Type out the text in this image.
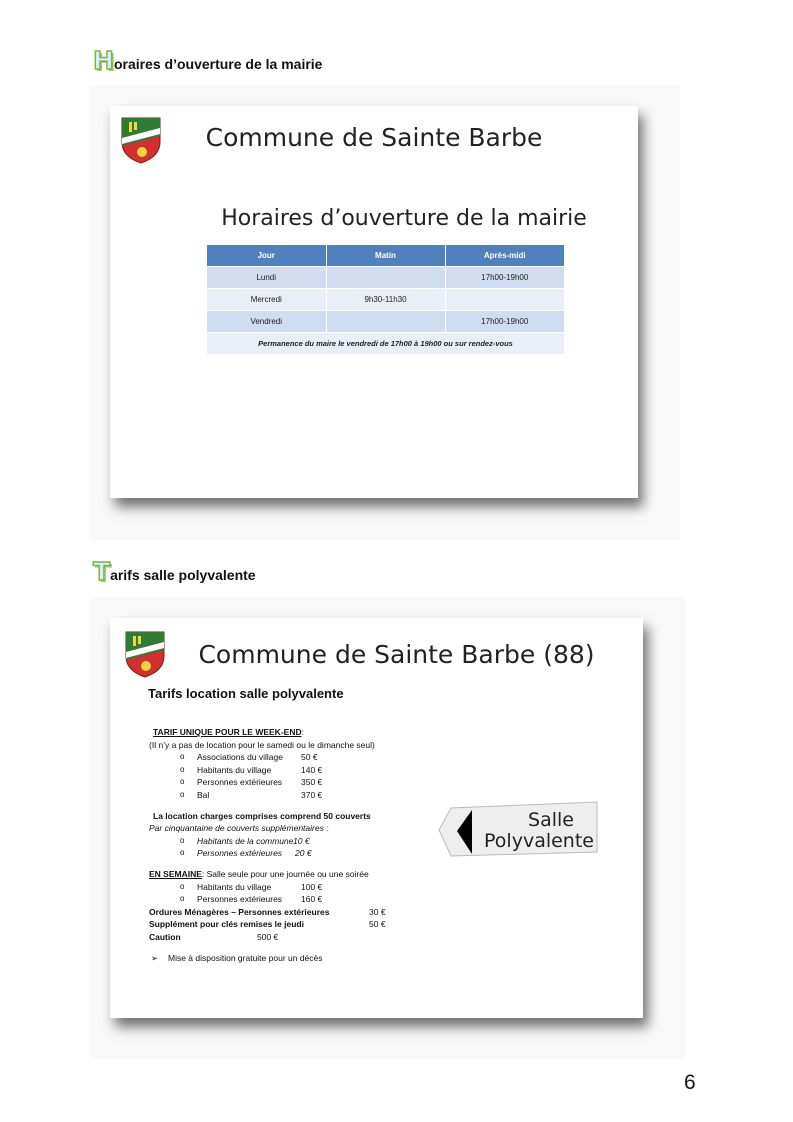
H oraires d’ouverture de la mairie
Commune de Sainte Barbe
Horaires d’ouverture de la mairie
Jour	Matin	Après-midi
Lundi		17h00-19h00
Mercredi	9h30-11h30	
Vendredi		17h00-19h00
Permanence du maire le vendredi de 17h00 à 19h00 ou sur rendez-vous		
T arifs salle polyvalente
Commune de Sainte Barbe (88)
Tarifs location salle polyvalente
TARIF UNIQUE POUR LE WEEK-END :
(Il n’y a pas de location pour le samedi ou le dimanche seul)
o	Associations du village	50 €
o	Habitants du village	140 €
o	Personnes extérieures	350 €
o	Bal	370 €
La location charges comprises comprend 50 couverts
Par cinquantaine de couverts supplémentaires :
o	Habitants de la commune 10 €
o	Personnes extérieures	20 €
EN SEMAINE : Salle seule pour une journée ou une soirée
o	Habitants du village	100 €
o	Personnes extérieures	160 €
Ordures Ménagères – Personnes extérieures	30 €
Supplément pour clés remises le jeudi	50 €
Caution	500 €
➢	Mise à disposition gratuite pour un décès
Salle
Polyvalente
6
